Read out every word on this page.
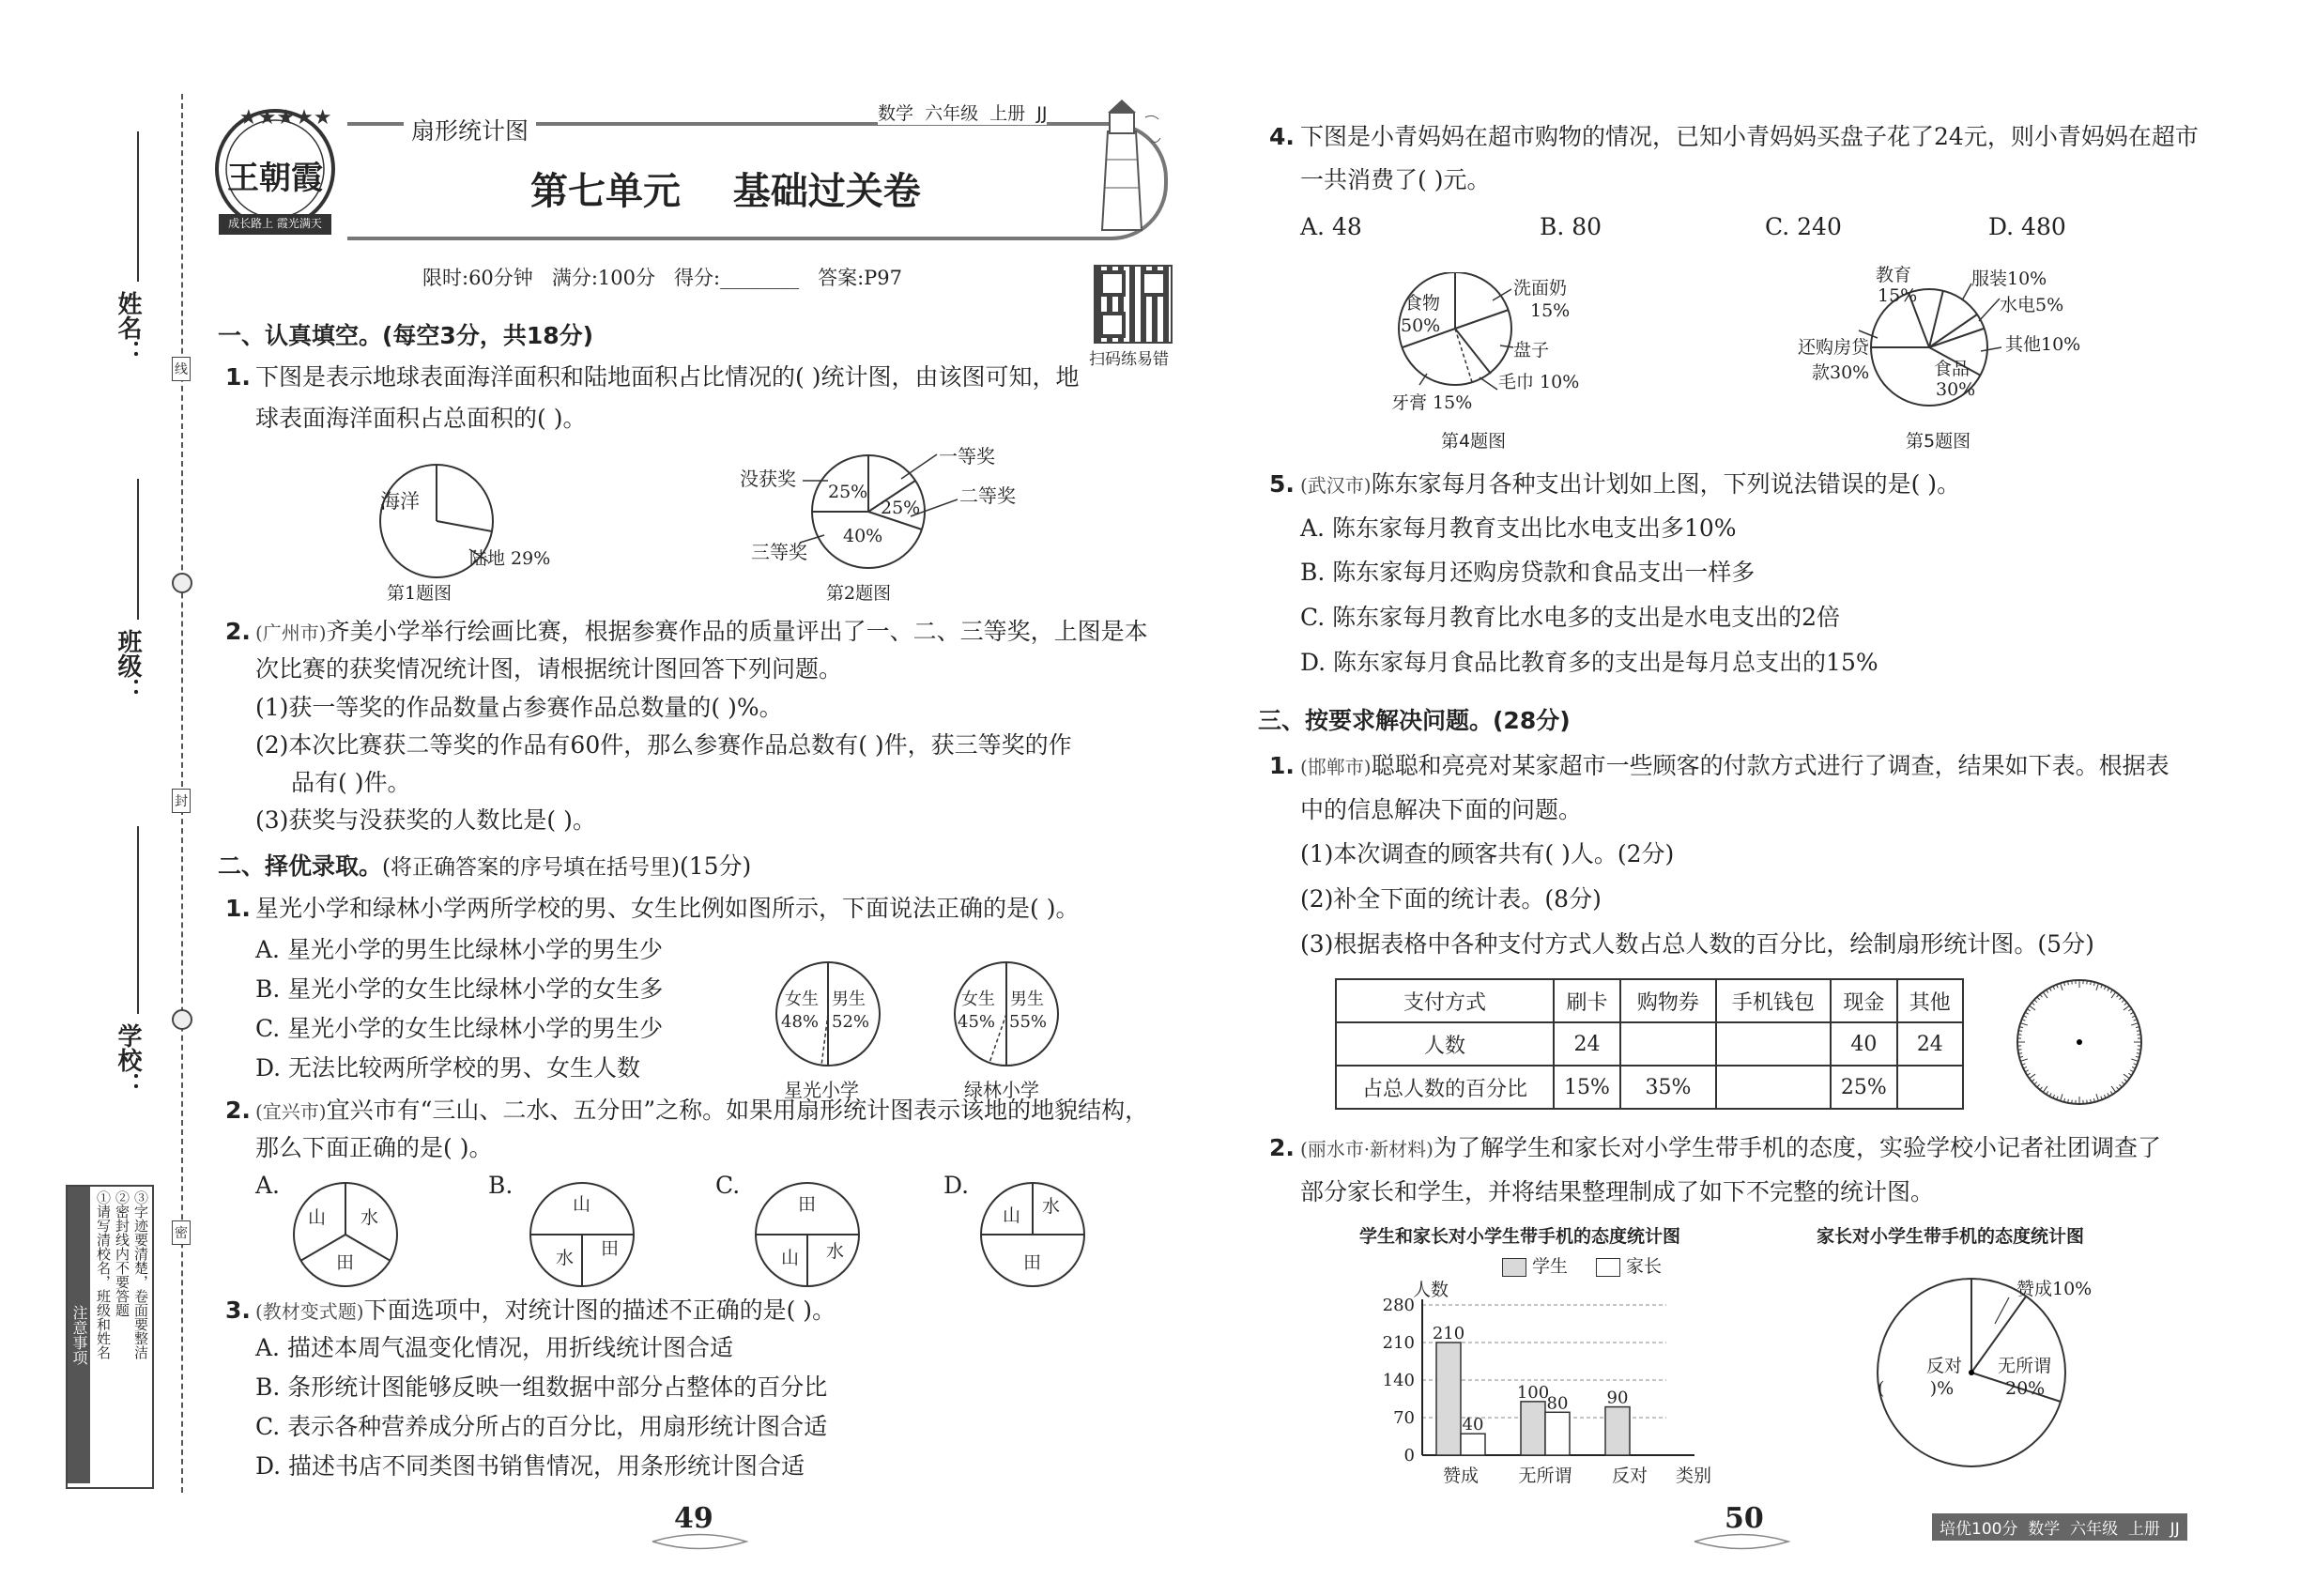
姓名：
班级：
学校：
线
封
密
注意事项 ①请写清校名，班级和姓名 ②密封线内不要答题 ③字迹要清楚，卷面要整洁
★★★★★
王朝霞
成长路上 霞光满天
扇形统计图
数学  六年级  上册  JJ
第七单元    基础过关卷
限时:60分钟   满分:100分   得分:________   答案:P97
扫码练易错
一、认真填空。(每空3分，共18分)
1. 下图是表示地球表面海洋面积和陆地面积占比情况的( )统计图，由该图可知，地
球表面海洋面积占总面积的( )。
海洋
陆地 29%
第1题图
没获奖
一等奖
二等奖
三等奖
25%
25%
40%
第2题图
2. (广州市)齐美小学举行绘画比赛，根据参赛作品的质量评出了一、二、三等奖，上图是本
次比赛的获奖情况统计图，请根据统计图回答下列问题。
(1)获一等奖的作品数量占参赛作品总数量的( )%。
(2)本次比赛获二等奖的作品有60件，那么参赛作品总数有( )件，获三等奖的作
品有( )件。
(3)获奖与没获奖的人数比是( )。
二、择优录取。(将正确答案的序号填在括号里)(15分)
1. 星光小学和绿林小学两所学校的男、女生比例如图所示，下面说法正确的是( )。
A. 星光小学的男生比绿林小学的男生少
B. 星光小学的女生比绿林小学的女生多
C. 星光小学的女生比绿林小学的男生少
D. 无法比较两所学校的男、女生人数
女生 男生
48% 52%
星光小学
女生 男生
45% 55%
绿林小学
2. (宜兴市)宜兴市有“三山、二水、五分田”之称。如果用扇形统计图表示该地的地貌结构，
那么下面正确的是( )。
A.
山 水
田
B.
山
水 田
C.
田
山 水
D.
山 水
田
3. (教材变式题)下面选项中，对统计图的描述不正确的是( )。
A. 描述本周气温变化情况，用折线统计图合适
B. 条形统计图能够反映一组数据中部分占整体的百分比
C. 表示各种营养成分所占的百分比，用扇形统计图合适
D. 描述书店不同类图书销售情况，用条形统计图合适
49
4. 下图是小青妈妈在超市购物的情况，已知小青妈妈买盘子花了24元，则小青妈妈在超市
一共消费了( )元。
A. 48	B. 80	C. 240	D. 480
食物
50%
洗面奶
15%
盘子
毛巾 10%
牙膏 15%
第4题图
教育
15%
服装10%
水电5%
其他10%
还购房贷
款30%	食品
30%
第5题图
5. (武汉市)陈东家每月各种支出计划如上图，下列说法错误的是( )。
A. 陈东家每月教育支出比水电支出多10%
B. 陈东家每月还购房贷款和食品支出一样多
C. 陈东家每月教育比水电多的支出是水电支出的2倍
D. 陈东家每月食品比教育多的支出是每月总支出的15%
三、按要求解决问题。(28分)
1. (邯郸市)聪聪和亮亮对某家超市一些顾客的付款方式进行了调查，结果如下表。根据表
中的信息解决下面的问题。
(1)本次调查的顾客共有( )人。(2分)
(2)补全下面的统计表。(8分)
(3)根据表格中各种支付方式人数占总人数的百分比，绘制扇形统计图。(5分)
支付方式	刷卡	购物券	手机钱包	现金	其他
人数	24			40	24
占总人数的百分比	15%	35%		25%	
2. (丽水市·新材料)为了解学生和家长对小学生带手机的态度，实验学校小记者社团调查了
部分家长和学生，并将结果整理制成了如下不完整的统计图。
学生和家长对小学生带手机的态度统计图
学生	家长
人数
0
70
140
210
280
210
40
赞成
100
80
无所谓
90
反对 类别
家长对小学生带手机的态度统计图
赞成10%
反对
(        )%
无所谓
20%
50	培优100分  数学  六年级  上册  JJ
